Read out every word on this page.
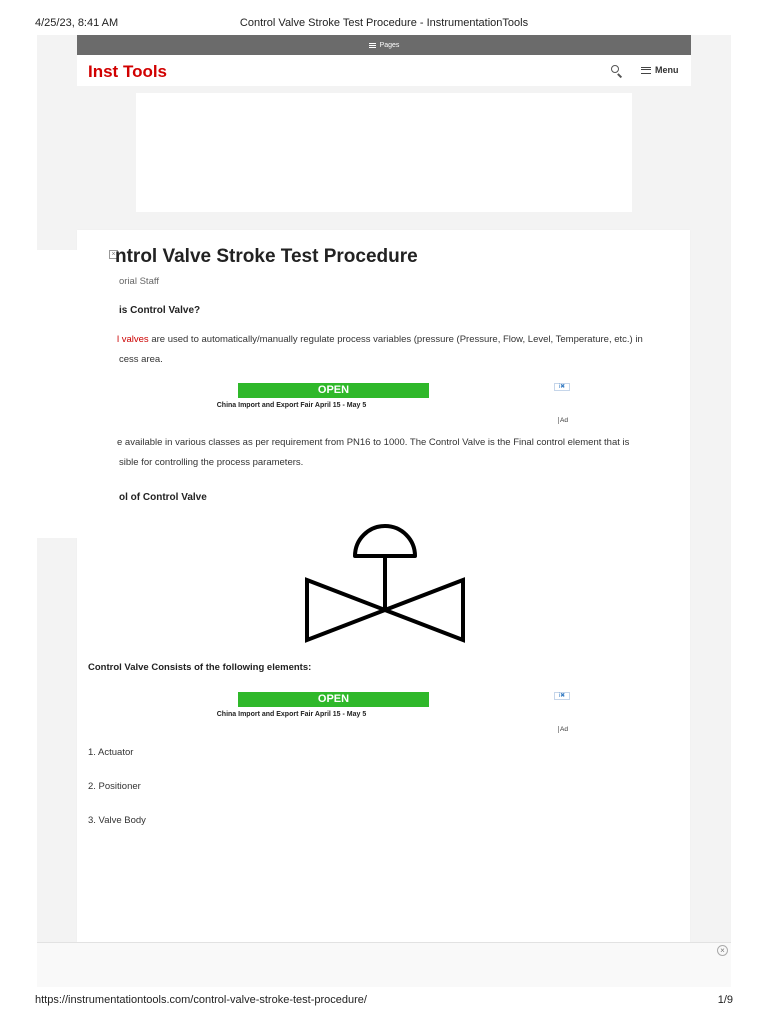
4/25/23, 8:41 AM	Control Valve Stroke Test Procedure - InstrumentationTools
Pages
Inst Tools	Menu
× ntrol Valve Stroke Test Procedure
orial Staff
is Control Valve?
l valves are used to automatically/manually regulate process variables (pressure (Pressure, Flow, Level, Temperature, etc.) in
cess area.
OPEN
China Import and Export Fair April 15 - May 5
i✖
Ad
e available in various classes as per requirement from PN16 to 1000. The Control Valve is the Final control element that is
sible for controlling the process parameters.
ol of Control Valve
Control Valve Consists of the following elements:
OPEN
China Import and Export Fair April 15 - May 5
i✖
Ad
1. Actuator
2. Positioner
3. Valve Body
×
https://instrumentationtools.com/control-valve-stroke-test-procedure/	1/9
